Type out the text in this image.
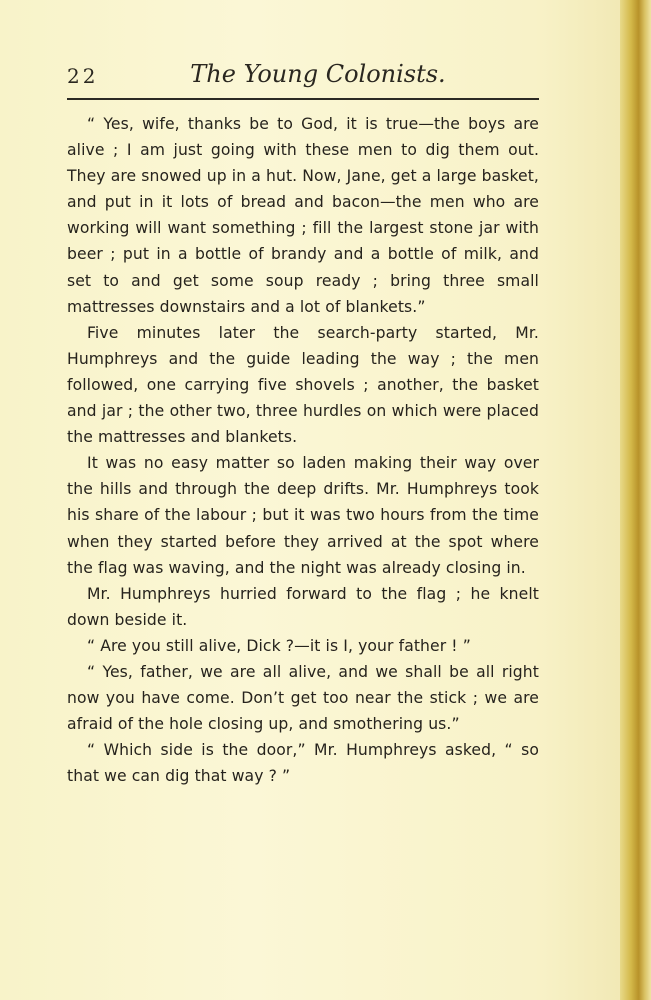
22	The Young Colonists.

“ Yes, wife, thanks be to God, it is true—the boys are alive ; I am just going with these men to dig them out. They are snowed up in a hut. Now, Jane, get a large basket, and put in it lots of bread and bacon—the men who are working will want something ; fill the largest stone jar with beer ; put in a bottle of brandy and a bottle of milk, and set to and get some soup ready ; bring three small mattresses downstairs and a lot of blankets.”

Five minutes later the search-party started, Mr. Humphreys and the guide leading the way ; the men followed, one carrying five shovels ; another, the basket and jar ; the other two, three hurdles on which were placed the mattresses and blankets.

It was no easy matter so laden making their way over the hills and through the deep drifts. Mr. Humphreys took his share of the labour ; but it was two hours from the time when they started before they arrived at the spot where the flag was waving, and the night was already closing in.

Mr. Humphreys hurried forward to the flag ; he knelt down beside it.

“ Are you still alive, Dick ?—it is I, your father ! ”

“ Yes, father, we are all alive, and we shall be all right now you have come. Don’t get too near the stick ; we are afraid of the hole closing up, and smothering us.”

“ Which side is the door,” Mr. Humphreys asked, “ so that we can dig that way ? ”
